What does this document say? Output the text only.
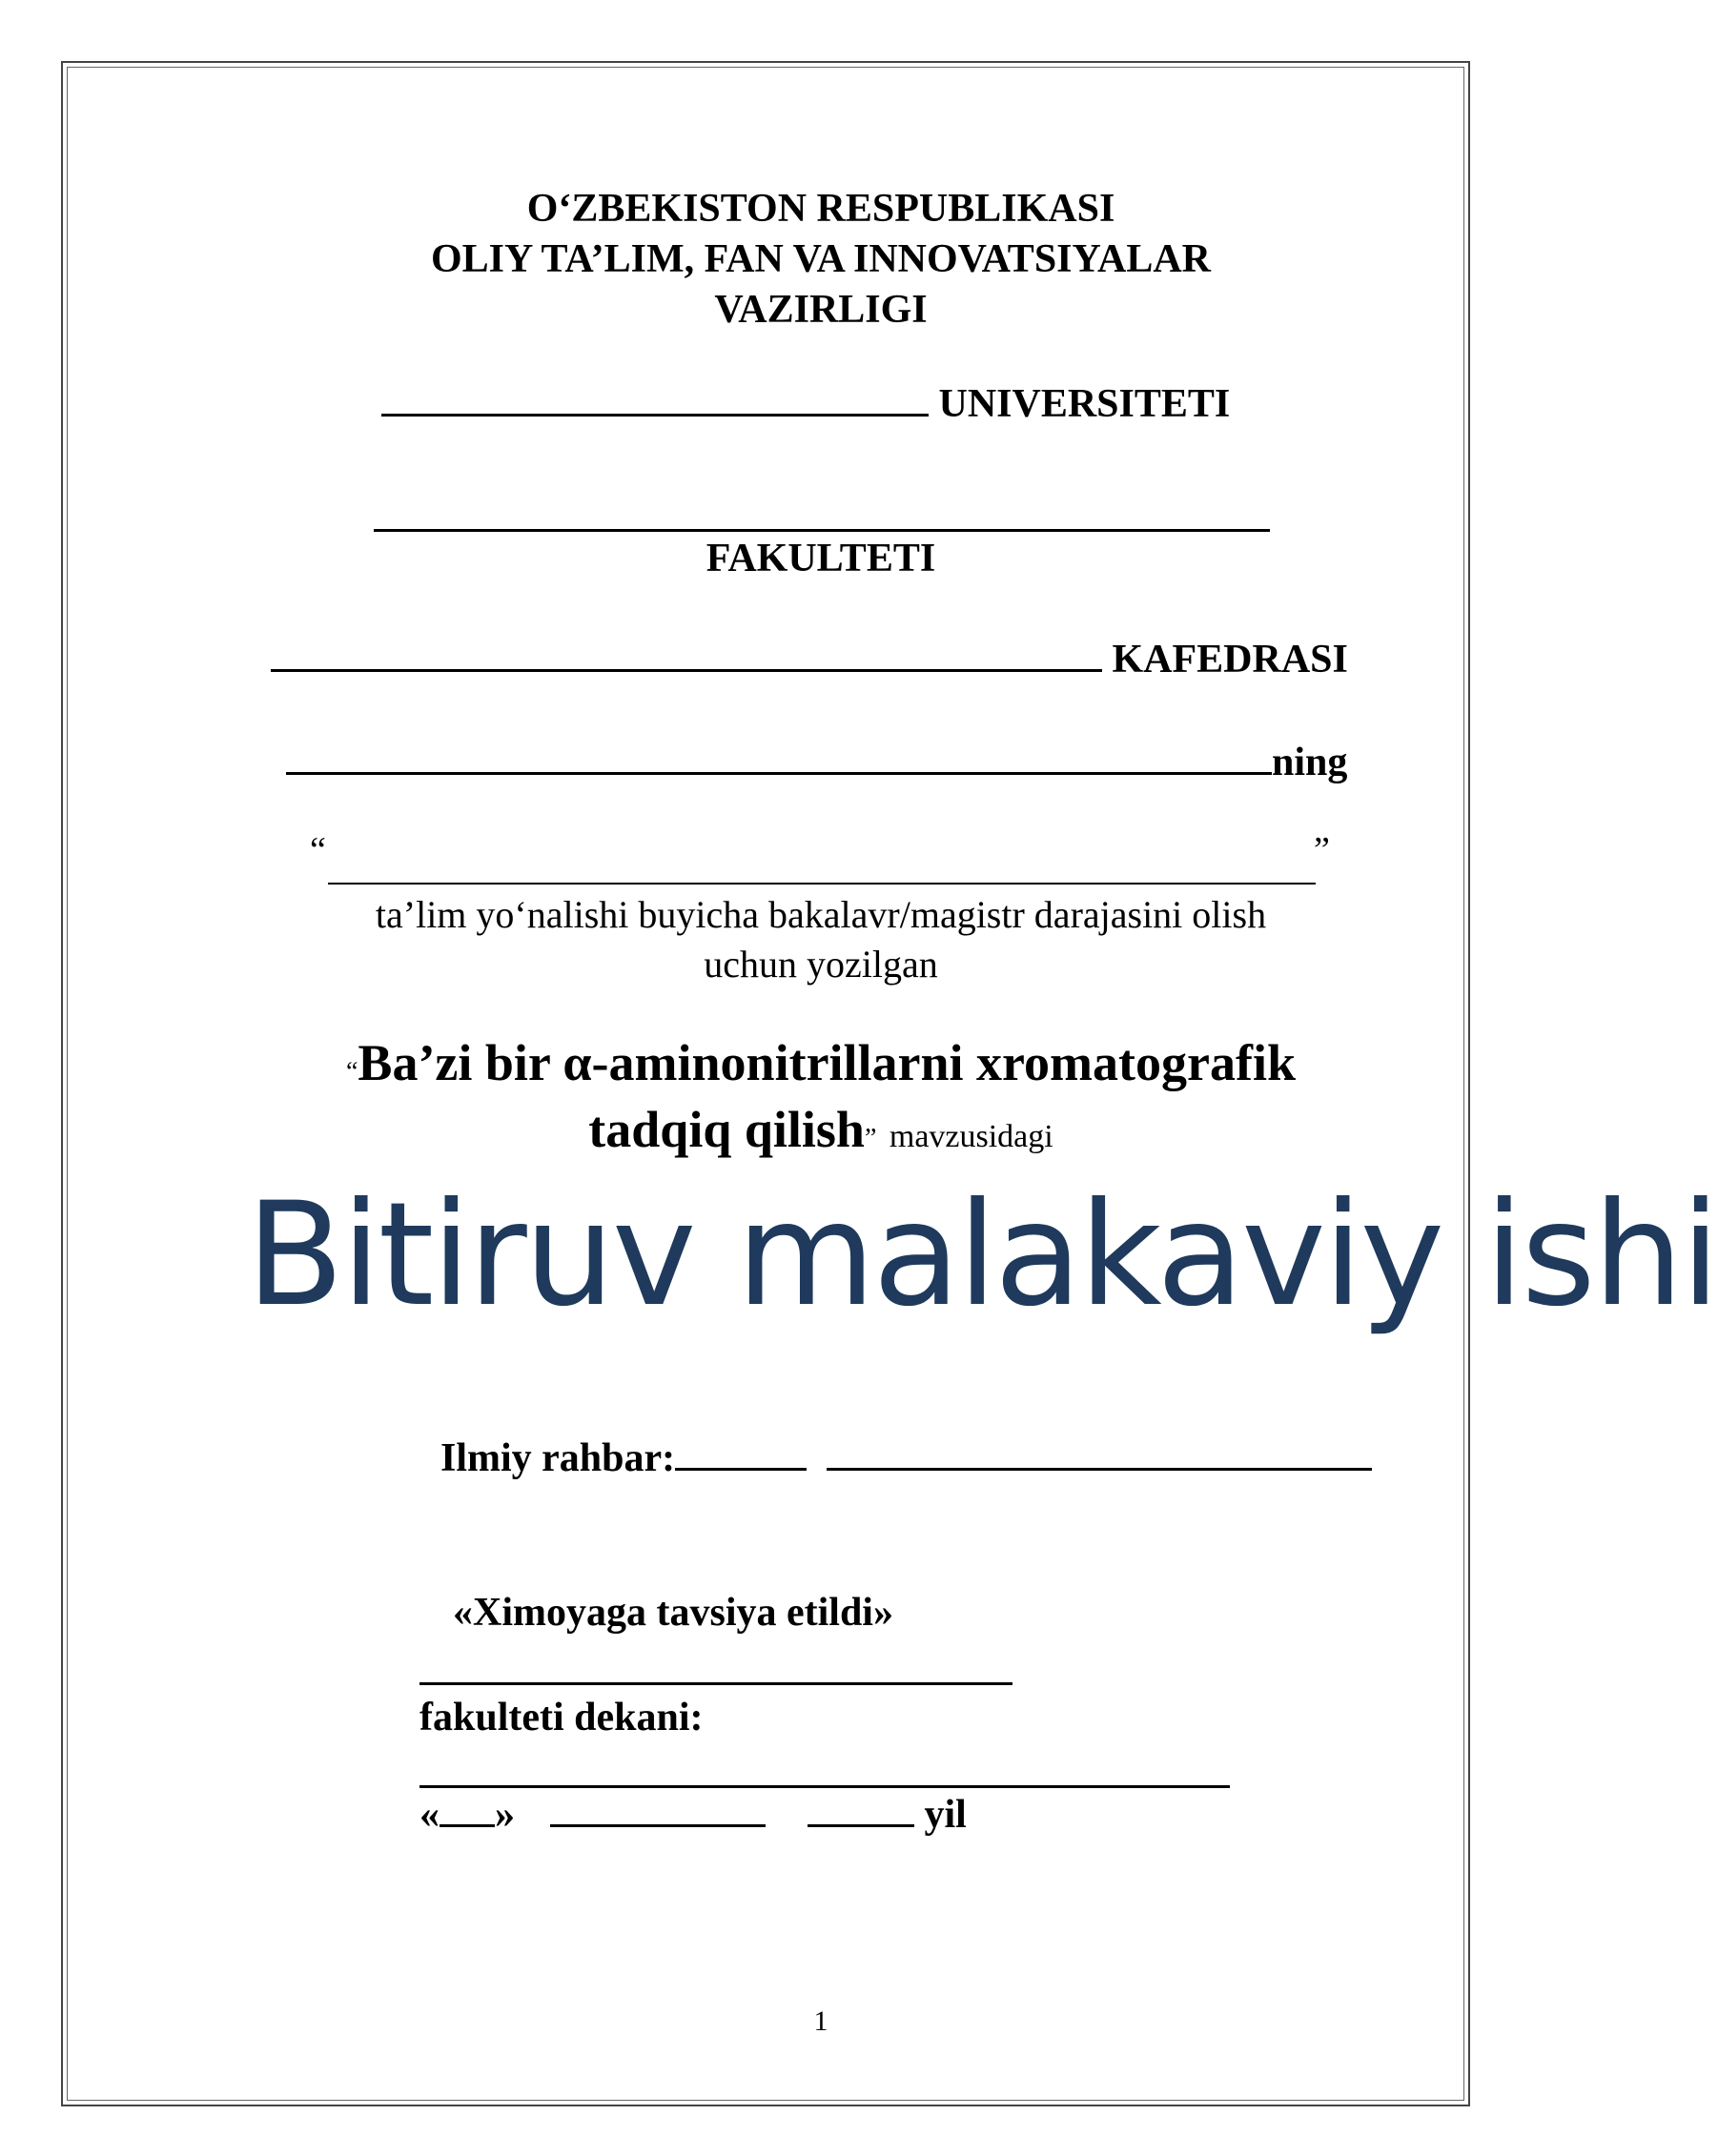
O‘ZBEKISTON RESPUBLIKASI
OLIY TA’LIM, FAN VA INNOVATSIYALAR
VAZIRLIGI
UNIVERSITETI
FAKULTETI
KAFEDRASI
ning
“	”
ta’lim yo‘nalishi buyicha bakalavr/magistr darajasini olish
uchun yozilgan
“Ba’zi bir α-aminonitrillarni xromatografik
tadqiq qilish” mavzusidagi
Bitiruv malakaviy ishi
Ilmiy rahbar:
«Ximoyaga tavsiya etildi»
fakulteti dekani:
« »	yil
1
